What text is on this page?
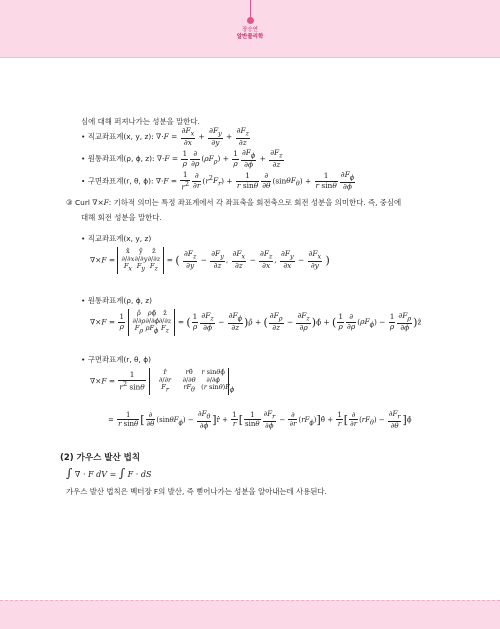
장승연
알반물리학
심에 대해 퍼져나가는 성분을 말한다.
• 직교좌표계(x, y, z): $\nabla\cdot F = \frac{\partial F_x}{\partial x} + \frac{\partial F_y}{\partial y} + \frac{\partial F_z}{\partial z}$
• 원통좌표계(ρ, ϕ, z): $\nabla\cdot F = \frac{1}{\rho} \frac{\partial}{\partial\rho} (\rho F_\rho) + \frac{1}{\rho} \frac{\partial F_\phi}{\partial\phi} + \frac{\partial F_z}{\partial z}$
• 구면좌표계(r, θ, ϕ): $\nabla\cdot F = \frac{1}{r^2} \frac{\partial}{\partial r} (r^2F_r) + \frac{1}{\text{r sinθ}} \frac{\partial}{\partial\theta} (\sin\theta F_\theta) + \frac{1}{\text{r sinθ}} \frac{\partial F_\phi}{\partial\phi}$
③ Curl ∇×F: 기하적 의미는 특정 좌표계에서 각 좌표축을 회전축으로 회전 성분을 의미한다. 즉, 중심에
대해 회전 성분을 말한다.
• 직교좌표계(x, y, z)
∇×F =
x̂ ŷ ẑ
∂/∂x∂/∂y∂/∂z
$F_x$ $F_y$ $F_z$
= ( $\frac{\partial F_z}{\partial y} - \frac{\partial F_y}{\partial z}$ , $\frac{\partial F_x}{\partial z} - \frac{\partial F_z}{\partial x}$ , $\frac{\partial F_y}{\partial x} - \frac{\partial F_x}{\partial y}$ )
• 원통좌표계(ρ, ϕ, z)
$\nabla\times F = \frac{1}{\rho}$

ρ̂ ρϕ̂ ẑ
∂/∂ρ∂/∂ϕ∂/∂z
$F_\rho$ $\rho F_\phi$ $F_z$
= ( $\frac{1}{\rho} \frac{\partial F_z}{\partial\phi} - \frac{\partial F_\phi}{\partial z}$ )ρ̂ + ( $\frac{\partial F_\rho}{\partial z} - \frac{\partial F_z}{\partial\rho}$ )ϕ̂ + ( $\frac{1}{\rho} \frac{\partial}{\partial\rho} (\rho F_\phi) - \frac{1}{\rho} \frac{\partial F_\rho}{\partial\phi}$ )ẑ
• 구면좌표계(r, θ, ϕ)
$\nabla\times F = \frac{1}{r^2 \sin\theta}$
	r̂	rθ̂ r sinθϕ̂
∂/∂r ∂/∂θ ∂/∂ϕ
$F_r$ $rF_\theta$ (r $\sin\theta)F_\phi$
= $\frac{1}{\text{r sinθ}}$ [ $\frac{\partial}{\partial\theta} (\sin\theta F_\phi) - \frac{\partial F_\theta}{\partial\phi}$ ]r̂ + $\frac{1}{r}$ [ $\frac{1}{\sin\theta} \frac{\partial F_r}{\partial\phi} - \frac{\partial}{\partial r}$ $(rF_\phi)]\thetâ + \frac{1}{r}$ [ $\frac{\partial}{\partial r} (rF_\theta) - \frac{\partial F_r}{\partial\theta}$ ]ϕ̂
(2) 가우스 발산 법칙
∫ ∇ · F dV = ∫ F · dS
가우스 발산 법칙은 벡터장 F의 발산, 즉 뻗어나가는 성분을 알아내는데 사용된다.
